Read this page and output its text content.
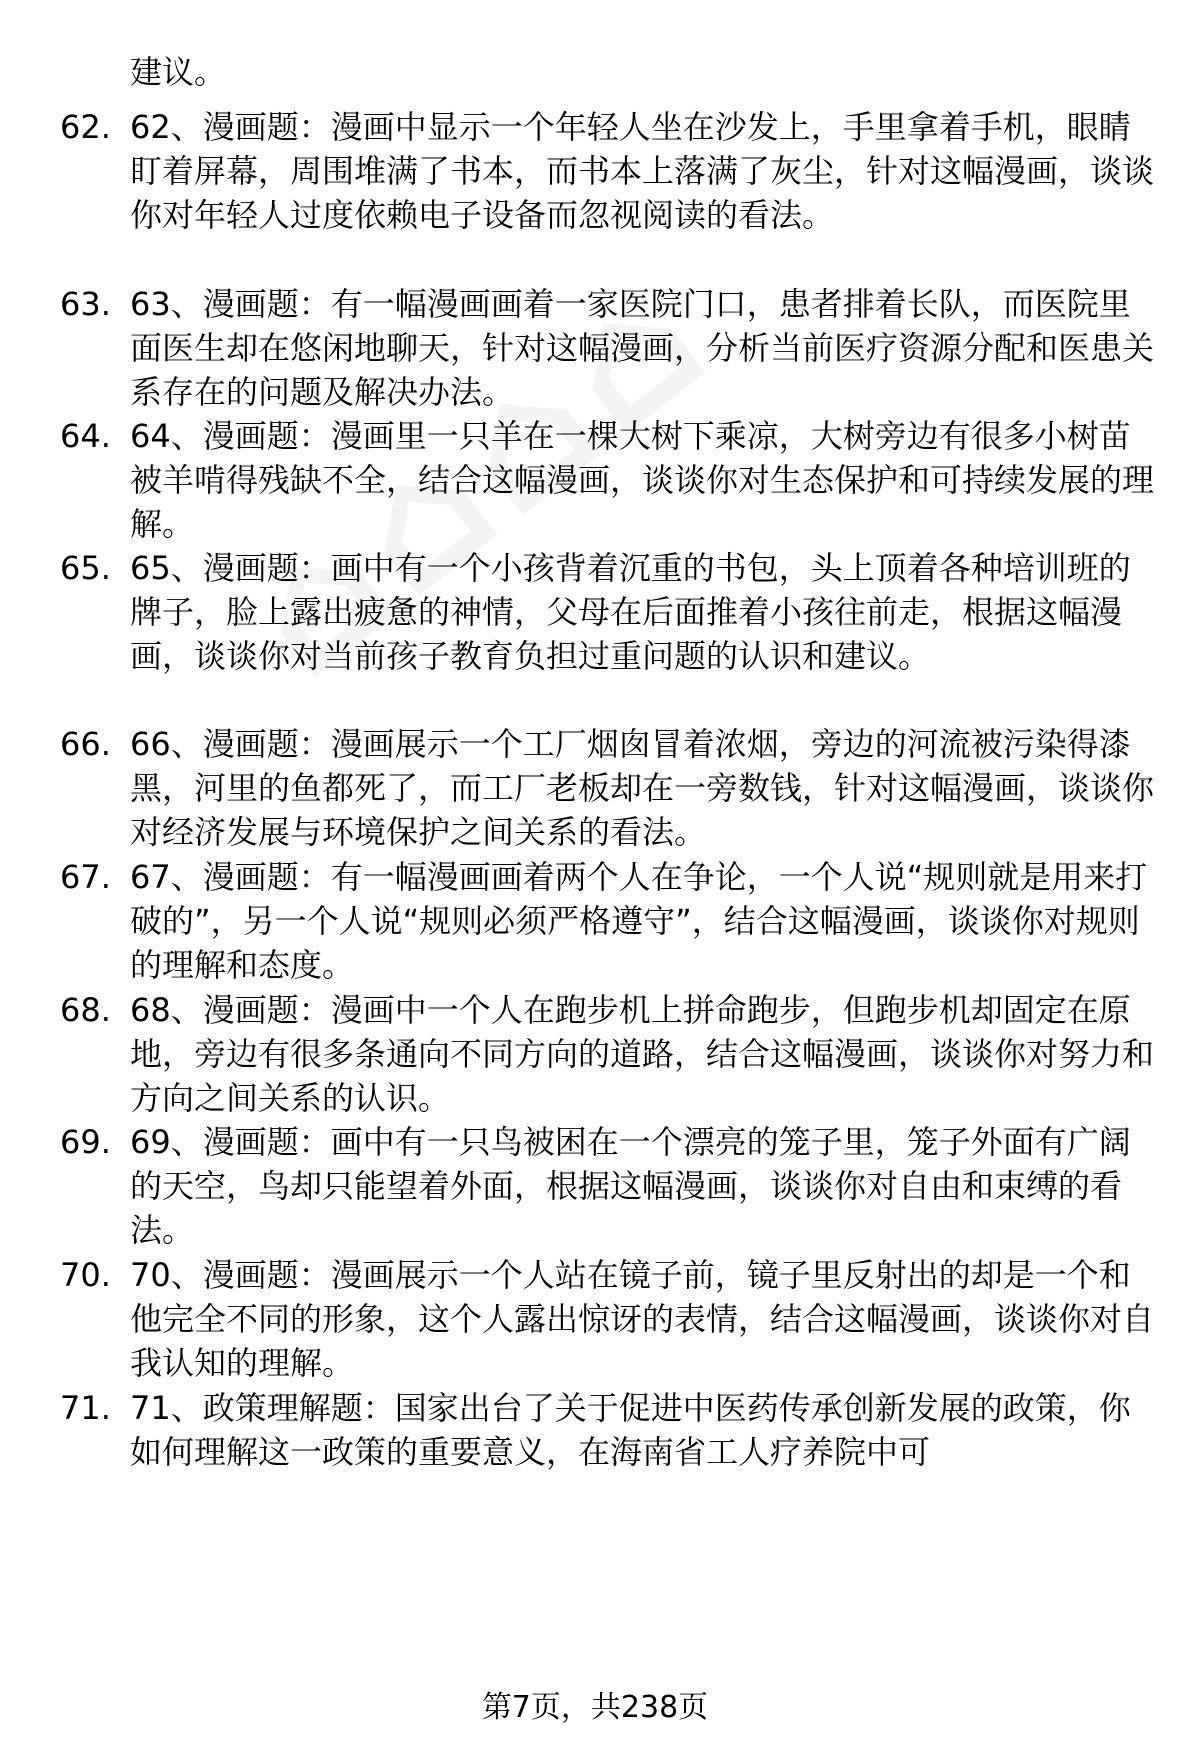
建议。
62. 62、漫画题：漫画中显示一个年轻人坐在沙发上，手里拿着手机，眼睛盯着屏幕，周围堆满了书本，而书本上落满了灰尘，针对这幅漫画，谈谈你对年轻人过度依赖电子设备而忽视阅读的看法。
63. 63、漫画题：有一幅漫画画着一家医院门口，患者排着长队，而医院里面医生却在悠闲地聊天，针对这幅漫画，分析当前医疗资源分配和医患关系存在的问题及解决办法。
64. 64、漫画题：漫画里一只羊在一棵大树下乘凉，大树旁边有很多小树苗被羊啃得残缺不全，结合这幅漫画，谈谈你对生态保护和可持续发展的理解。
65. 65、漫画题：画中有一个小孩背着沉重的书包，头上顶着各种培训班的牌子，脸上露出疲惫的神情，父母在后面推着小孩往前走，根据这幅漫画，谈谈你对当前孩子教育负担过重问题的认识和建议。
66. 66、漫画题：漫画展示一个工厂烟囱冒着浓烟，旁边的河流被污染得漆黑，河里的鱼都死了，而工厂老板却在一旁数钱，针对这幅漫画，谈谈你对经济发展与环境保护之间关系的看法。
67. 67、漫画题：有一幅漫画画着两个人在争论，一个人说“规则就是用来打破的”，另一个人说“规则必须严格遵守”，结合这幅漫画，谈谈你对规则的理解和态度。
68. 68、漫画题：漫画中一个人在跑步机上拼命跑步，但跑步机却固定在原地，旁边有很多条通向不同方向的道路，结合这幅漫画，谈谈你对努力和方向之间关系的认识。
69. 69、漫画题：画中有一只鸟被困在一个漂亮的笼子里，笼子外面有广阔的天空，鸟却只能望着外面，根据这幅漫画，谈谈你对自由和束缚的看法。
70. 70、漫画题：漫画展示一个人站在镜子前，镜子里反射出的却是一个和他完全不同的形象，这个人露出惊讶的表情，结合这幅漫画，谈谈你对自我认知的理解。
71. 71、政策理解题：国家出台了关于促进中医药传承创新发展的政策，你如何理解这一政策的重要意义，在海南省工人疗养院中可
第7页，共238页
